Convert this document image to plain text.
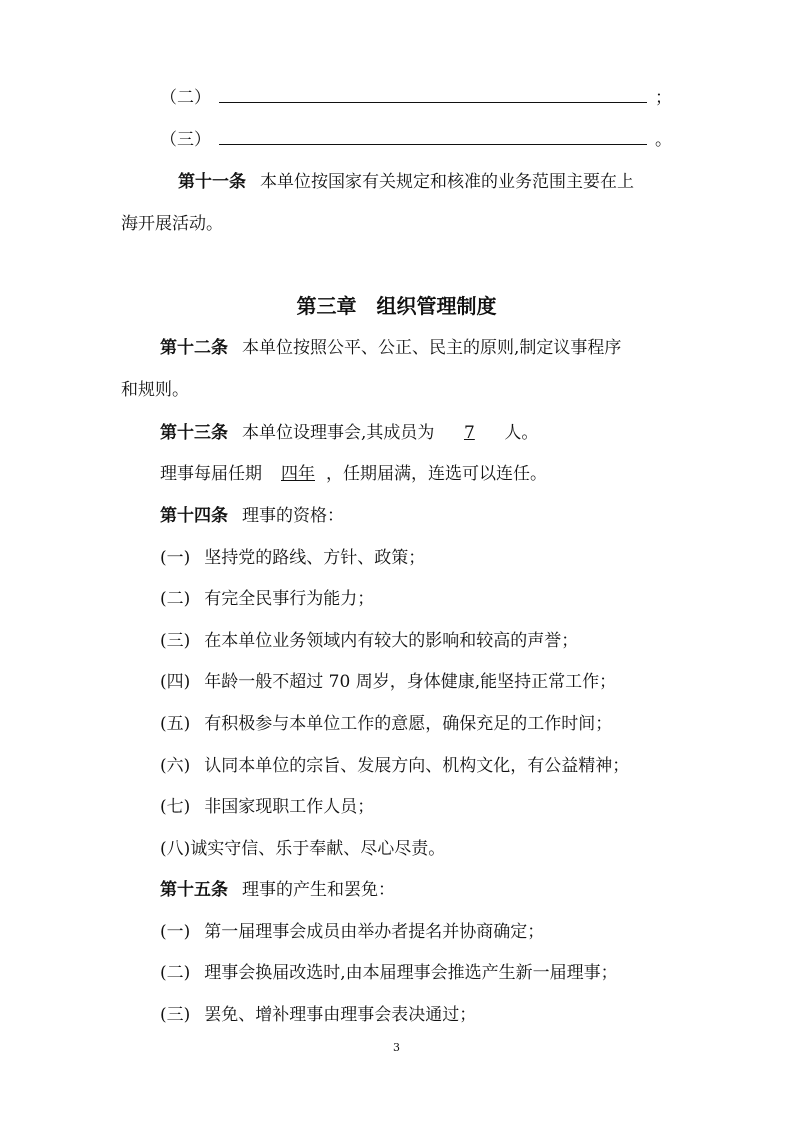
（二）	；
（三）	。
第十一条 本单位按国家有关规定和核准的业务范围主要在上
海开展活动。
第三章　组织管理制度
第十二条 本单位按照公平、公正、民主的原则,制定议事程序
和规则。
第十三条 本单位设理事会,其成员为 7 人。
理事每届任期 四年 ，任期届满，连选可以连任。
第十四条 理事的资格：
(一) 坚持党的路线、方针、政策；
(二) 有完全民事行为能力；
(三) 在本单位业务领域内有较大的影响和较高的声誉；
(四) 年龄一般不超过 70 周岁，身体健康,能坚持正常工作；
(五) 有积极参与本单位工作的意愿，确保充足的工作时间；
(六) 认同本单位的宗旨、发展方向、机构文化，有公益精神；
(七) 非国家现职工作人员；
(八)诚实守信、乐于奉献、尽心尽责。
第十五条 理事的产生和罢免：
(一) 第一届理事会成员由举办者提名并协商确定；
(二) 理事会换届改选时,由本届理事会推选产生新一届理事；
(三) 罢免、增补理事由理事会表决通过；
3
